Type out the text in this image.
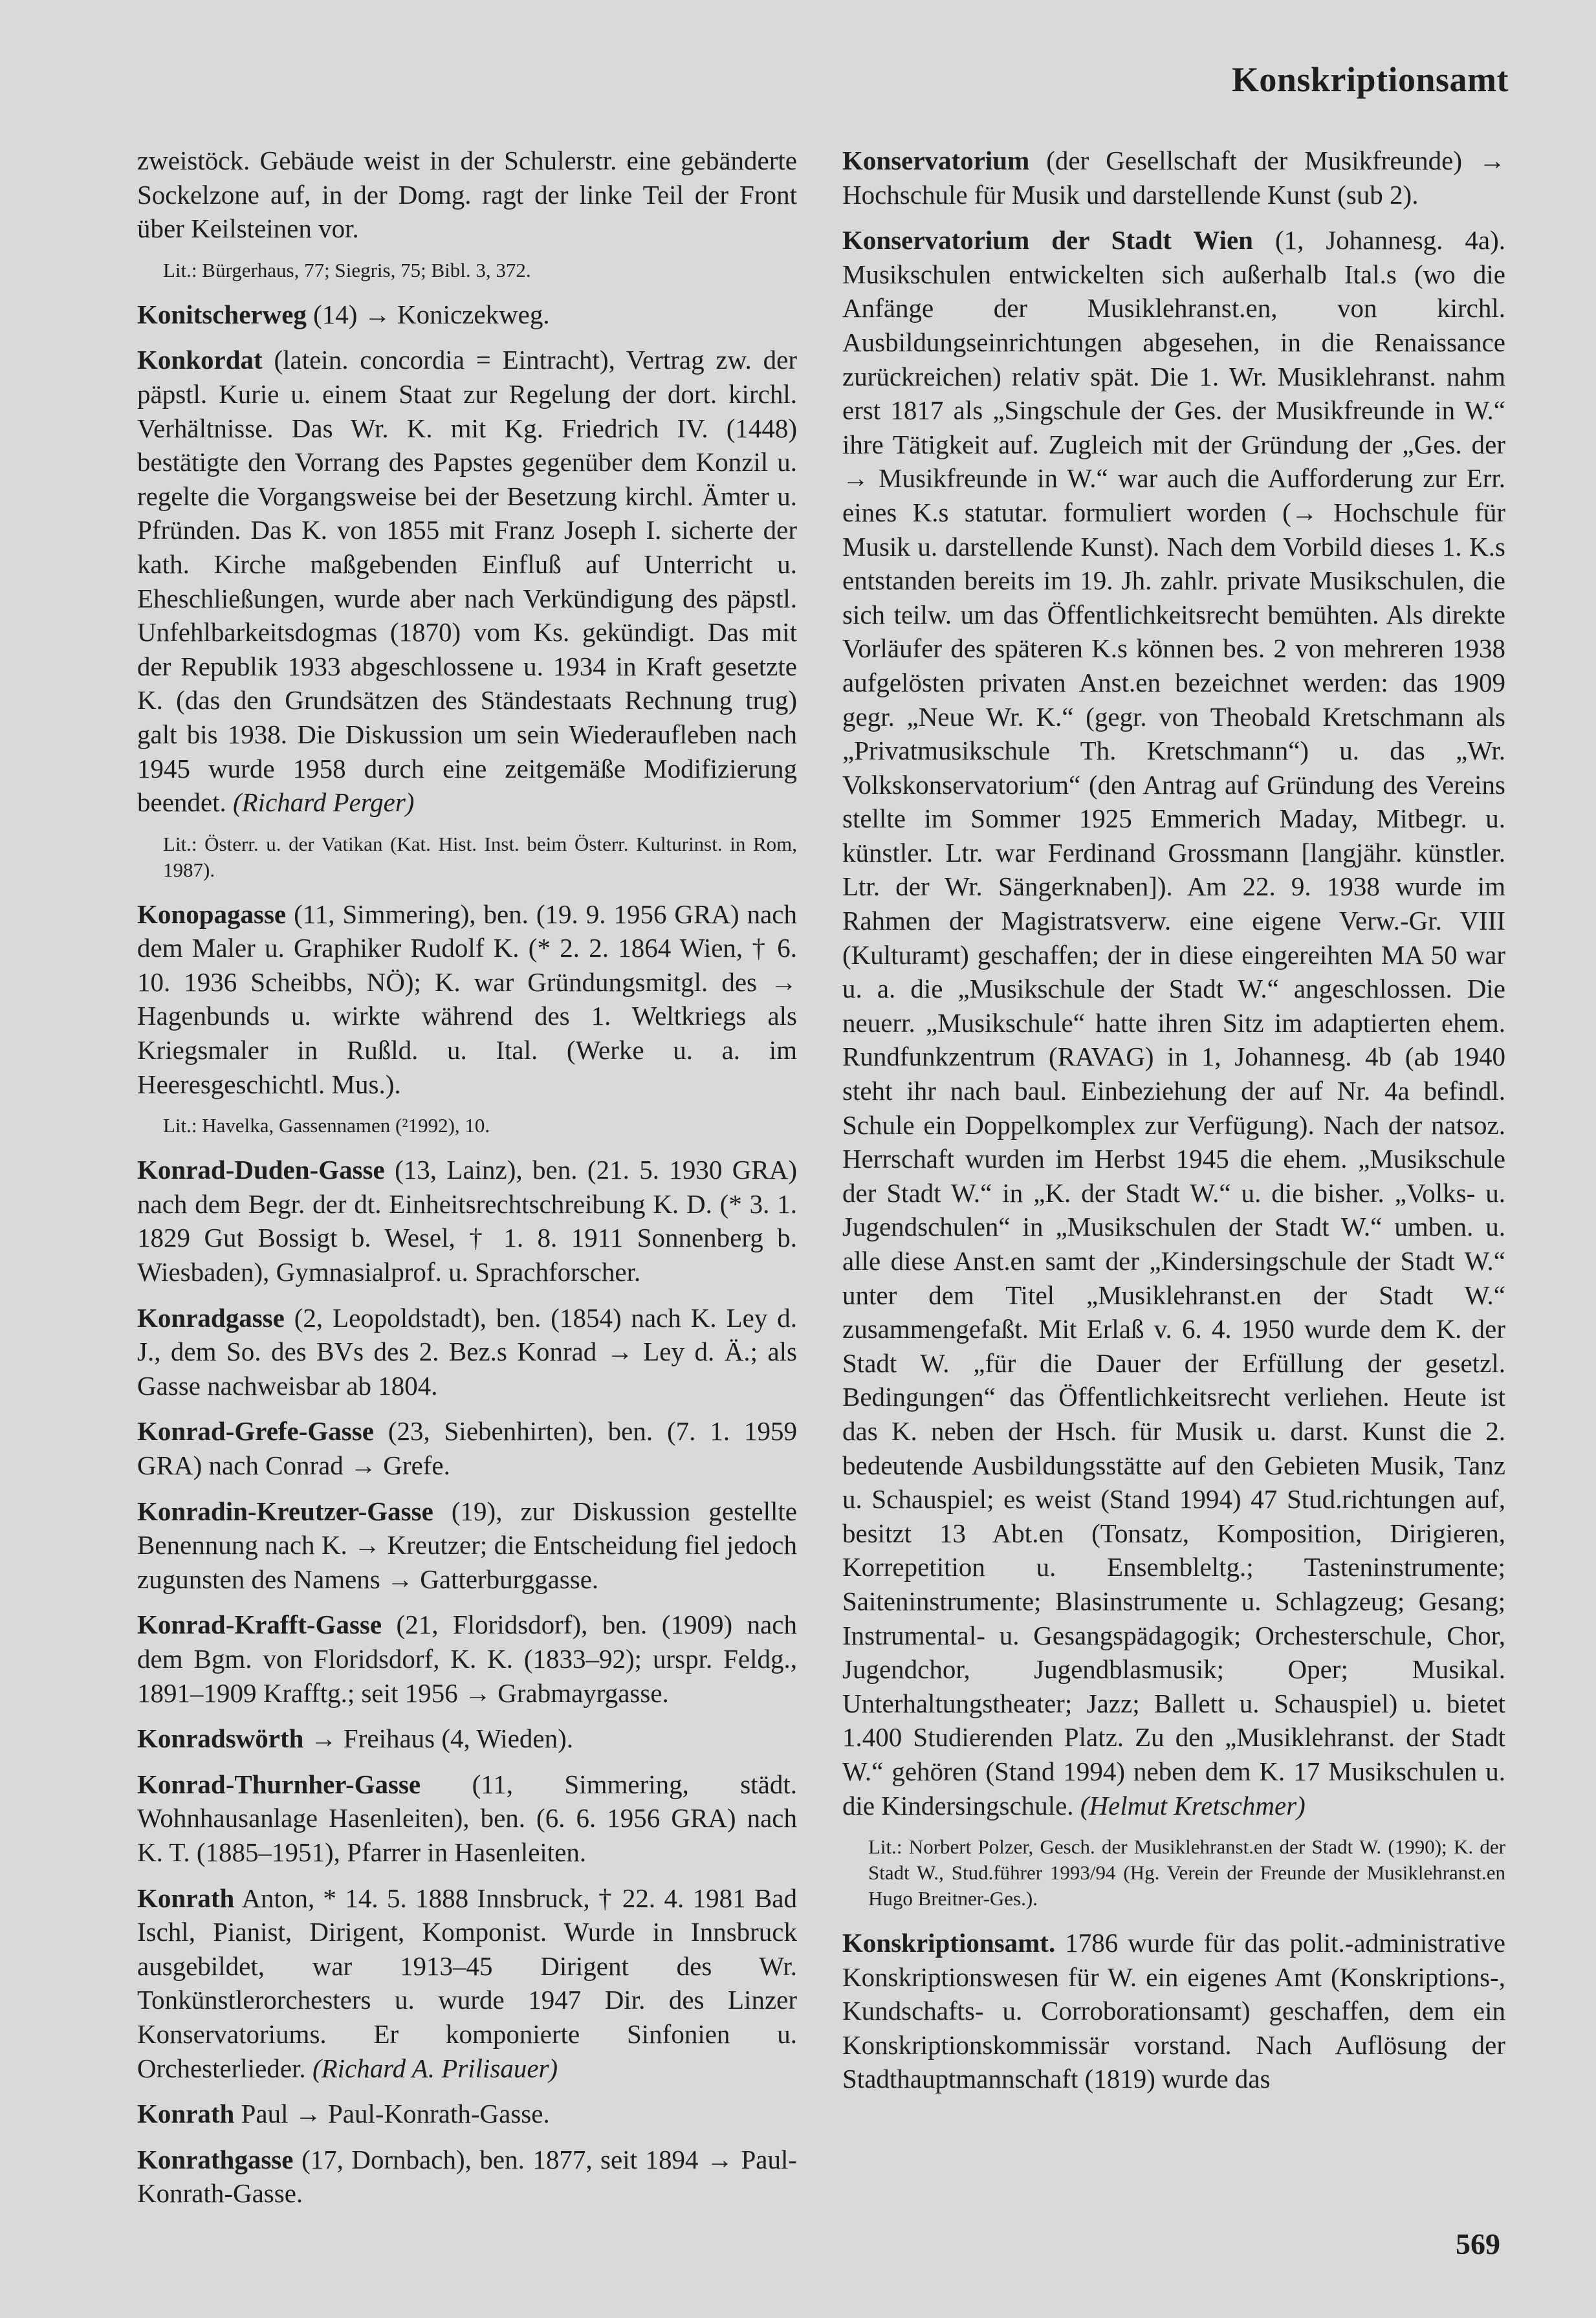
Konskriptionsamt

zweistöck. Gebäude weist in der Schulerstr. eine gebänderte Sockelzone auf, in der Domg. ragt der linke Teil der Front über Keilsteinen vor.

Lit.: Bürgerhaus, 77; Siegris, 75; Bibl. 3, 372.

Konitscherweg (14) → Koniczekweg.

Konkordat (latein. concordia = Eintracht), Vertrag zw. der päpstl. Kurie u. einem Staat zur Regelung der dort. kirchl. Verhältnisse. Das Wr. K. mit Kg. Friedrich IV. (1448) bestätigte den Vorrang des Papstes gegenüber dem Konzil u. regelte die Vorgangsweise bei der Besetzung kirchl. Ämter u. Pfründen. Das K. von 1855 mit Franz Joseph I. sicherte der kath. Kirche maßgebenden Einfluß auf Unterricht u. Eheschließungen, wurde aber nach Verkündigung des päpstl. Unfehlbarkeitsdogmas (1870) vom Ks. gekündigt. Das mit der Republik 1933 abgeschlossene u. 1934 in Kraft gesetzte K. (das den Grundsätzen des Ständestaats Rechnung trug) galt bis 1938. Die Diskussion um sein Wiederaufleben nach 1945 wurde 1958 durch eine zeitgemäße Modifizierung beendet. (Richard Perger)

Lit.: Österr. u. der Vatikan (Kat. Hist. Inst. beim Österr. Kulturinst. in Rom, 1987).

Konopagasse (11, Simmering), ben. (19. 9. 1956 GRA) nach dem Maler u. Graphiker Rudolf K. (* 2. 2. 1864 Wien, † 6. 10. 1936 Scheibbs, NÖ); K. war Gründungsmitgl. des → Hagenbunds u. wirkte während des 1. Weltkriegs als Kriegsmaler in Rußld. u. Ital. (Werke u. a. im Heeresgeschichtl. Mus.).

Lit.: Havelka, Gassennamen (²1992), 10.

Konrad-Duden-Gasse (13, Lainz), ben. (21. 5. 1930 GRA) nach dem Begr. der dt. Einheitsrechtschreibung K. D. (* 3. 1. 1829 Gut Bossigt b. Wesel, † 1. 8. 1911 Sonnenberg b. Wiesbaden), Gymnasialprof. u. Sprachforscher.

Konradgasse (2, Leopoldstadt), ben. (1854) nach K. Ley d. J., dem So. des BVs des 2. Bez.s Konrad → Ley d. Ä.; als Gasse nachweisbar ab 1804.

Konrad-Grefe-Gasse (23, Siebenhirten), ben. (7. 1. 1959 GRA) nach Conrad → Grefe.

Konradin-Kreutzer-Gasse (19), zur Diskussion gestellte Benennung nach K. → Kreutzer; die Entscheidung fiel jedoch zugunsten des Namens → Gatterburggasse.

Konrad-Krafft-Gasse (21, Floridsdorf), ben. (1909) nach dem Bgm. von Floridsdorf, K. K. (1833–92); urspr. Feldg., 1891–1909 Krafftg.; seit 1956 → Grabmayrgasse.

Konradswörth → Freihaus (4, Wieden).

Konrad-Thurnher-Gasse (11, Simmering, städt. Wohnhausanlage Hasenleiten), ben. (6. 6. 1956 GRA) nach K. T. (1885–1951), Pfarrer in Hasenleiten.

Konrath Anton, * 14. 5. 1888 Innsbruck, † 22. 4. 1981 Bad Ischl, Pianist, Dirigent, Komponist. Wurde in Innsbruck ausgebildet, war 1913–45 Dirigent des Wr. Tonkünstlerorchesters u. wurde 1947 Dir. des Linzer Konservatoriums. Er komponierte Sinfonien u. Orchesterlieder. (Richard A. Prilisauer)

Konrath Paul → Paul-Konrath-Gasse.

Konrathgasse (17, Dornbach), ben. 1877, seit 1894 → Paul-Konrath-Gasse.

Konservatorium (der Gesellschaft der Musikfreunde) → Hochschule für Musik und darstellende Kunst (sub 2).

Konservatorium der Stadt Wien (1, Johannesg. 4a). Musikschulen entwickelten sich außerhalb Ital.s (wo die Anfänge der Musiklehranst.en, von kirchl. Ausbildungseinrichtungen abgesehen, in die Renaissance zurückreichen) relativ spät. Die 1. Wr. Musiklehranst. nahm erst 1817 als „Singschule der Ges. der Musikfreunde in W.“ ihre Tätigkeit auf. Zugleich mit der Gründung der „Ges. der → Musikfreunde in W.“ war auch die Aufforderung zur Err. eines K.s statutar. formuliert worden (→ Hochschule für Musik u. darstellende Kunst). Nach dem Vorbild dieses 1. K.s entstanden bereits im 19. Jh. zahlr. private Musikschulen, die sich teilw. um das Öffentlichkeitsrecht bemühten. Als direkte Vorläufer des späteren K.s können bes. 2 von mehreren 1938 aufgelösten privaten Anst.en bezeichnet werden: das 1909 gegr. „Neue Wr. K.“ (gegr. von Theobald Kretschmann als „Privatmusikschule Th. Kretschmann“) u. das „Wr. Volkskonservatorium“ (den Antrag auf Gründung des Vereins stellte im Sommer 1925 Emmerich Maday, Mitbegr. u. künstler. Ltr. war Ferdinand Grossmann [langjähr. künstler. Ltr. der Wr. Sängerknaben]). Am 22. 9. 1938 wurde im Rahmen der Magistratsverw. eine eigene Verw.-Gr. VIII (Kulturamt) geschaffen; der in diese eingereihten MA 50 war u. a. die „Musikschule der Stadt W.“ angeschlossen. Die neuerr. „Musikschule“ hatte ihren Sitz im adaptierten ehem. Rundfunkzentrum (RAVAG) in 1, Johannesg. 4b (ab 1940 steht ihr nach baul. Einbeziehung der auf Nr. 4a befindl. Schule ein Doppelkomplex zur Verfügung). Nach der natsoz. Herrschaft wurden im Herbst 1945 die ehem. „Musikschule der Stadt W.“ in „K. der Stadt W.“ u. die bisher. „Volks- u. Jugendschulen“ in „Musikschulen der Stadt W.“ umben. u. alle diese Anst.en samt der „Kindersingschule der Stadt W.“ unter dem Titel „Musiklehranst.en der Stadt W.“ zusammengefaßt. Mit Erlaß v. 6. 4. 1950 wurde dem K. der Stadt W. „für die Dauer der Erfüllung der gesetzl. Bedingungen“ das Öffentlichkeitsrecht verliehen. Heute ist das K. neben der Hsch. für Musik u. darst. Kunst die 2. bedeutende Ausbildungsstätte auf den Gebieten Musik, Tanz u. Schauspiel; es weist (Stand 1994) 47 Stud.richtungen auf, besitzt 13 Abt.en (Tonsatz, Komposition, Dirigieren, Korrepetition u. Ensembleltg.; Tasteninstrumente; Saiteninstrumente; Blasinstrumente u. Schlagzeug; Gesang; Instrumental- u. Gesangspädagogik; Orchesterschule, Chor, Jugendchor, Jugendblasmusik; Oper; Musikal. Unterhaltungstheater; Jazz; Ballett u. Schauspiel) u. bietet 1.400 Studierenden Platz. Zu den „Musiklehranst. der Stadt W.“ gehören (Stand 1994) neben dem K. 17 Musikschulen u. die Kindersingschule. (Helmut Kretschmer)

Lit.: Norbert Polzer, Gesch. der Musiklehranst.en der Stadt W. (1990); K. der Stadt W., Stud.führer 1993/94 (Hg. Verein der Freunde der Musiklehranst.en Hugo Breitner-Ges.).

Konskriptionsamt. 1786 wurde für das polit.-administrative Konskriptionswesen für W. ein eigenes Amt (Konskriptions-, Kundschafts- u. Corroborationsamt) geschaffen, dem ein Konskriptionskommissär vorstand. Nach Auflösung der Stadthauptmannschaft (1819) wurde das

569
